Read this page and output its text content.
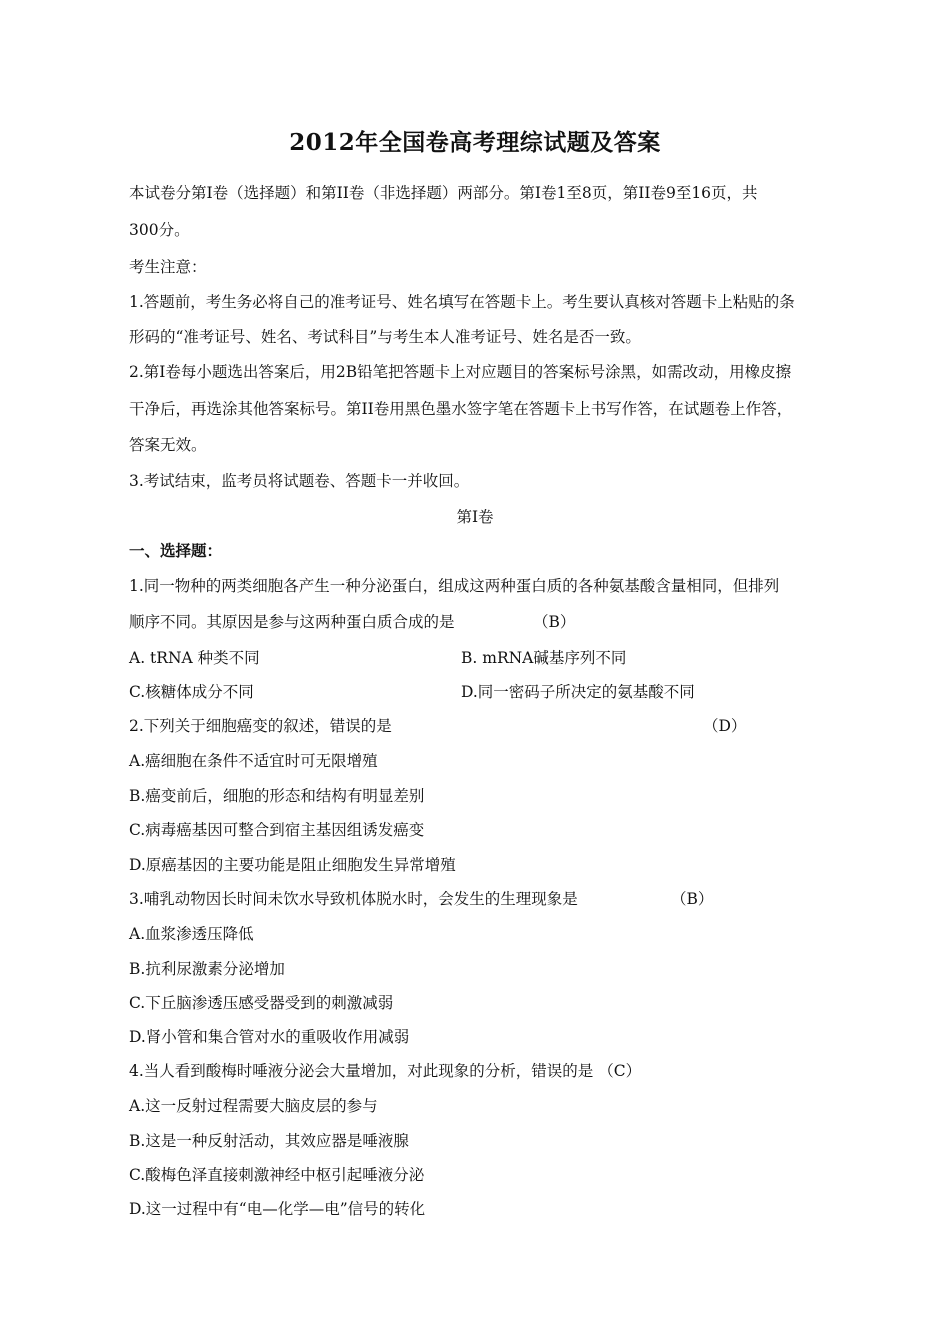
2012年全国卷高考理综试题及答案
本试卷分第Ⅰ卷（选择题）和第II卷（非选择题）两部分。第Ⅰ卷1至8页，第II卷9至16页，共
300分。
考生注意：
1.答题前，考生务必将自己的准考证号、姓名填写在答题卡上。考生要认真核对答题卡上粘贴的条
形码的“准考证号、姓名、考试科目”与考生本人准考证号、姓名是否一致。
2.第Ⅰ卷每小题选出答案后，用2B铅笔把答题卡上对应题目的答案标号涂黑，如需改动，用橡皮擦
干净后，再选涂其他答案标号。第II卷用黑色墨水签字笔在答题卡上书写作答，在试题卷上作答，
答案无效。
3.考试结束，监考员将试题卷、答题卡一并收回。
第Ⅰ卷
一、选择题：
1.同一物种的两类细胞各产生一种分泌蛋白，组成这两种蛋白质的各种氨基酸含量相同，但排列
顺序不同。其原因是参与这两种蛋白质合成的是	（B）
A. tRNA 种类不同	B. mRNA碱基序列不同
C.核糖体成分不同	D.同一密码子所决定的氨基酸不同
2.下列关于细胞癌变的叙述，错误的是	（D）
A.癌细胞在条件不适宜时可无限增殖
B.癌变前后，细胞的形态和结构有明显差别
C.病毒癌基因可整合到宿主基因组诱发癌变
D.原癌基因的主要功能是阻止细胞发生异常增殖
3.哺乳动物因长时间未饮水导致机体脱水时，会发生的生理现象是	（B）
A.血浆渗透压降低
B.抗利尿激素分泌增加
C.下丘脑渗透压感受器受到的刺激减弱
D.肾小管和集合管对水的重吸收作用减弱
4.当人看到酸梅时唾液分泌会大量增加，对此现象的分析，错误的是 （C）
A.这一反射过程需要大脑皮层的参与
B.这是一种反射活动，其效应器是唾液腺
C.酸梅色泽直接刺激神经中枢引起唾液分泌
D.这一过程中有“电—化学—电”信号的转化
